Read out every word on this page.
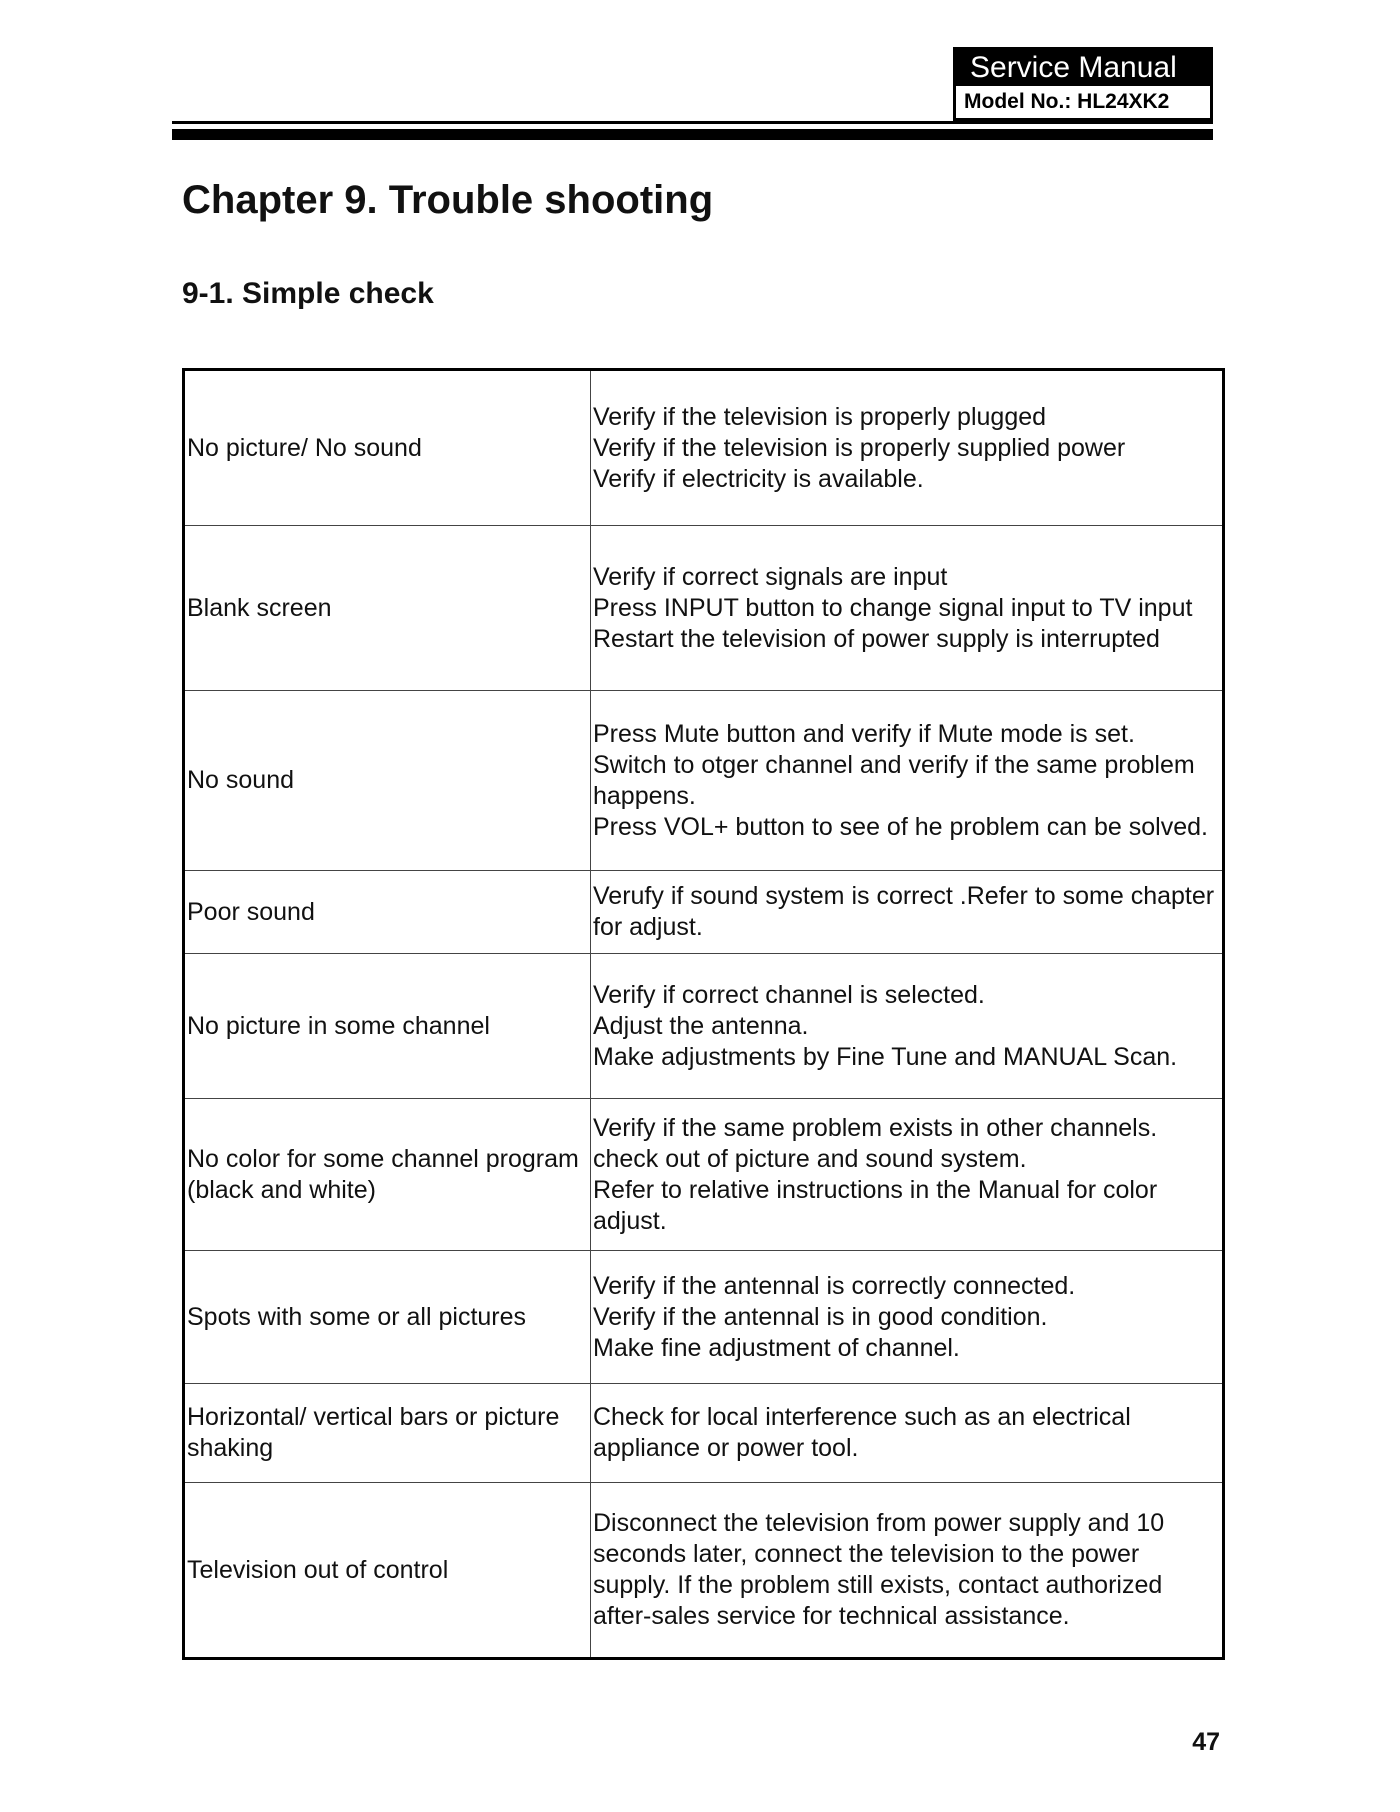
Service Manual
Model No.: HL24XK2
Chapter 9. Trouble shooting
9-1. Simple check
No picture/ No sound	Verify if the television is properly plugged
Verify if the television is properly supplied power
Verify if electricity is available.
Blank screen	Verify if correct signals are input
Press INPUT button to change signal input to TV input
Restart the television of power supply is interrupted
No sound	Press Mute button and verify if Mute mode is set.
Switch to otger channel and verify if the same problem happens.
Press VOL+ button to see of he problem can be solved.
Poor sound	Verufy if sound system is correct .Refer to some chapter for adjust.
No picture in some channel	Verify if correct channel is selected.
Adjust the antenna.
Make adjustments by Fine Tune and MANUAL Scan.
No color for some channel program (black and white)	Verify if the same problem exists in other channels.
check out of picture and sound system.
Refer to relative instructions in the Manual for color adjust.
Spots with some or all pictures	Verify if the antennal is correctly connected.
Verify if the antennal is in good condition.
Make fine adjustment of channel.
Horizontal/ vertical bars or picture shaking	Check for local interference such as an electrical appliance or power tool.
Television out of control	Disconnect the television from power supply and 10 seconds later, connect the television to the power supply. If the problem still exists, contact authorized after-sales service for technical assistance.
47
